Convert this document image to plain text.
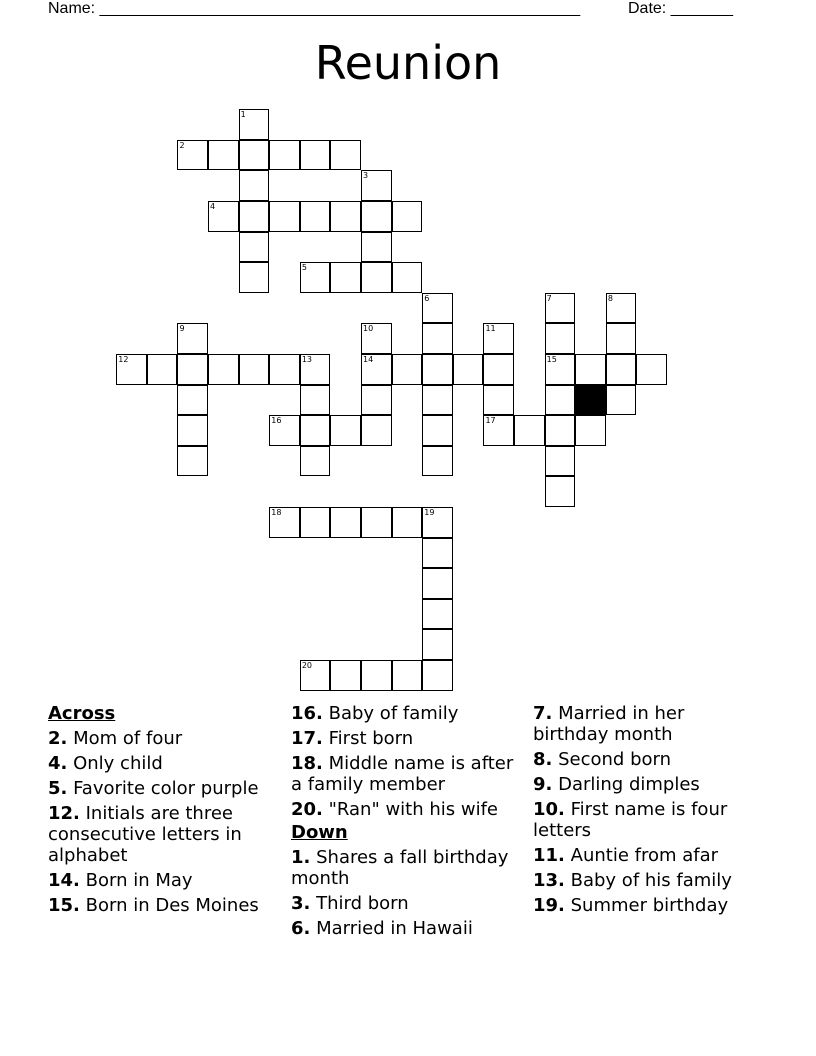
Name: ______________________________________________________	Date: _______
Reunion
1
2
3
4
5
6	7
15
8
9	10
14
11
17
12	13
16
18	19
20
Across
2. Mom of four
4. Only child
5. Favorite color purple
12. Initials are three consecutive letters in alphabet
14. Born in May
15. Born in Des Moines
16. Baby of family
17. First born
18. Middle name is after a family member
20. "Ran" with his wife
Down
1. Shares a fall birthday month
3. Third born
6. Married in Hawaii
7. Married in her birthday month
8. Second born
9. Darling dimples
10. First name is four letters
11. Auntie from afar
13. Baby of his family
19. Summer birthday
